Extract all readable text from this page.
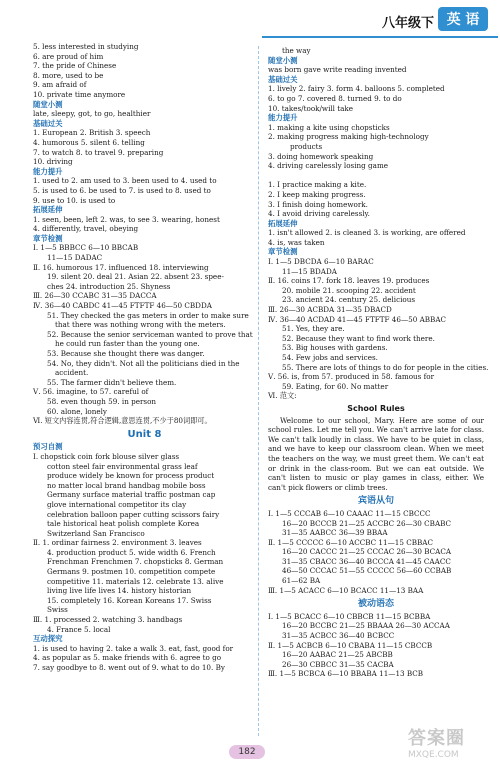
八年级下 英 语
5. less interested in studying
6. are proud of him
7. the pride of Chinese
8. more, used to be
9. am afraid of
10. private time anymore
随堂小测
late, sleepy, got, to go, healthier
基础过关
1. European 2. British 3. speech
4. humorous 5. silent 6. telling
7. to watch 8. to travel 9. preparing
10. driving
能力提升
1. used to 2. am used to 3. been used to 4. used to
5. is used to 6. be used to 7. is used to 8. used to
9. use to 10. is used to
拓展延伸
1. seen, been, left 2. was, to see 3. wearing, honest
4. differently, travel, obeying
章节检测
Ⅰ. 1—5 BBBCC 6—10 BBCAB
11—15 DADAC
Ⅱ. 16. humorous 17. influenced 18. interviewing
19. silent 20. deal 21. Asian 22. absent 23. spee-
ches 24. introduction 25. Shyness
Ⅲ. 26—30 CCABC 31—35 DACCA
Ⅳ. 36—40 CABDC 41—45 FTFTF 46—50 CBDDA
51. They checked the gas meters in order to make sure
that there was nothing wrong with the meters.
52. Because the senior serviceman wanted to prove that
he could run faster than the young one.
53. Because she thought there was danger.
54. No, they didn't. Not all the politicians died in the
accident.
55. The farmer didn't believe them.
Ⅴ. 56. imagine, to 57. careful of
58. even though 59. in person
60. alone, lonely
Ⅵ. 短文内容连贯,符合逻辑,意思连贯,不少于80词即可。
Unit 8
预习自测
Ⅰ. chopstick coin fork blouse silver glass
cotton steel fair environmental grass leaf
produce widely be known for process product
no matter local brand handbag mobile boss
Germany surface material traffic postman cap
glove international competitor its clay
celebration balloon paper cutting scissors fairy
tale historical heat polish complete Korea
Switzerland San Francisco
Ⅱ. 1. ordinar fairness 2. environment 3. leaves
4. production product 5. wide width 6. French
Frenchman Frenchmen 7. chopsticks 8. German
Germans 9. postmen 10. competition compete
competitive 11. materials 12. celebrate 13. alive
living live life lives 14. history historian
15. completely 16. Korean Koreans 17. Swiss
Swiss
Ⅲ. 1. processed 2. watching 3. handbags
4. France 5. local
互动探究
1. is used to having 2. take a walk 3. eat, fast, good for
4. as popular as 5. make friends with 6. agree to go
7. say goodbye to 8. went out of 9. what to do 10. By
the way
随堂小测
was born gave write reading invented
基础过关
1. lively 2. fairy 3. form 4. balloons 5. completed
6. to go 7. covered 8. turned 9. to do
10. takes/took/will take
能力提升
1. making a kite using chopsticks
2. making progress making high-technology
products
3. doing homework speaking
4. driving carelessly losing game

1. I practice making a kite.
2. I keep making progress.
3. I finish doing homework.
4. I avoid driving carelessly.
拓展延伸
1. isn't allowed 2. is cleaned 3. is working, are offered
4. is, was taken
章节检测
Ⅰ. 1—5 DBCDA 6—10 BARAC
11—15 BDADA
Ⅱ. 16. coins 17. fork 18. leaves 19. produces
20. mobile 21. scooping 22. accident
23. ancient 24. century 25. delicious
Ⅲ. 26—30 ACBDA 31—35 DBACD
Ⅳ. 36—40 ACDAD 41—45 FTFTF 46—50 ABBAC
51. Yes, they are.
52. Because they want to find work there.
53. Big houses with gardens.
54. Few jobs and services.
55. There are lots of things to do for people in the cities.
Ⅴ. 56. is, from 57. produced in 58. famous for
59. Eating, for 60. No matter
Ⅵ. 范文:
School Rules
Welcome to our school, Mary. Here are some of our school rules. Let me tell you. We can't arrive late for class. We can't talk loudly in class. We have to be quiet in class, and we have to keep our classroom clean. When we meet the teachers on the way, we must greet them. We can't eat or drink in the class-room. But we can eat outside. We can't listen to music or play games in class, either. We can't pick flowers or climb trees.
宾语从句
Ⅰ. 1—5 CCCAB 6—10 CAAAC 11—15 CBCCC
16—20 BCCCB 21—25 ACCBC 26—30 CBABC
31—35 AABCC 36—39 BBAA
Ⅱ. 1—5 CCCCC 6—10 ACCBC 11—15 CBBAC
16—20 CACCC 21—25 CCCAC 26—30 BCACA
31—35 CBACC 36—40 BCCCA 41—45 CAACC
46—50 CCCAC 51—55 CCCCC 56—60 CCBAB
61—62 BA
Ⅲ. 1—5 ACACC 6—10 BCACC 11—13 BAA
被动语态
Ⅰ. 1—5 BCACC 6—10 CBBCB 11—15 BCBBA
16—20 BCCBC 21—25 BBAAA 26—30 ACCAA
31—35 ACBCC 36—40 BCBCC
Ⅱ. 1—5 ACBCB 6—10 CBABA 11—15 CBCCB
16—20 AABAC 21—25 ABCBB
26—30 CBBCC 31—35 CACBA
Ⅲ. 1—5 BCBCA 6—10 BBABA 11—13 BCB
182
答案圈
MXQE.COM
